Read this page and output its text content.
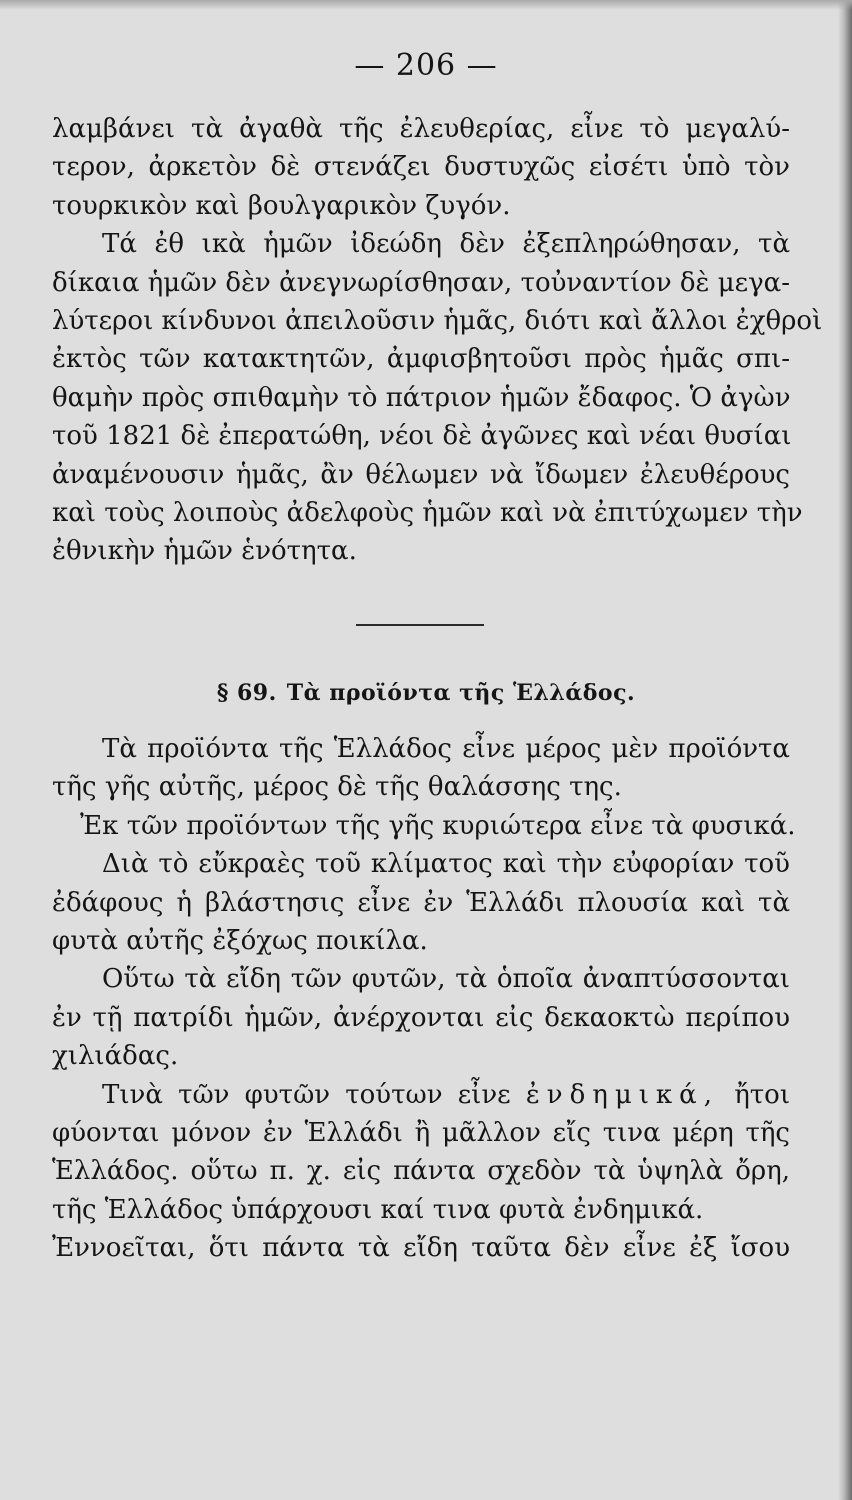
— 206 —
λαμβάνει τὰ ἀγαθὰ τῆς ἐλευθερίας, εἶνε τὸ μεγαλύ-
τερον, ἀρκετὸν δὲ στενάζει δυστυχῶς εἰσέτι ὑπὸ τὸν
τουρκικὸν καὶ βουλγαρικὸν ζυγόν.
Τά ἐθ ικὰ ἡμῶν ἰδεώδη δὲν ἐξεπληρώθησαν, τὰ
δίκαια ἡμῶν δὲν ἀνεγνωρίσθησαν, τοὐναντίον δὲ μεγα-
λύτεροι κίνδυνοι ἀπειλοῦσιν ἡμᾶς, διότι καὶ ἄλλοι ἐχθροὶ
ἐκτὸς τῶν κατακτητῶν, ἀμφισβητοῦσι πρὸς ἡμᾶς σπι-
θαμὴν πρὸς σπιθαμὴν τὸ πάτριον ἡμῶν ἔδαφος. Ὁ ἀγὼν
τοῦ 1821 δὲ ἐπερατώθη, νέοι δὲ ἀγῶνες καὶ νέαι θυσίαι
ἀναμένουσιν ἡμᾶς, ἂν θέλωμεν νὰ ἴδωμεν ἐλευθέρους
καὶ τοὺς λοιποὺς ἀδελφοὺς ἡμῶν καὶ νὰ ἐπιτύχωμεν τὴν
ἐθνικὴν ἡμῶν ἑνότητα.
§ 69. Τὰ προϊόντα τῆς Ἑλλάδος.
Τὰ προϊόντα τῆς Ἑλλάδος εἶνε μέρος μὲν προϊόντα
τῆς γῆς αὐτῆς, μέρος δὲ τῆς θαλάσσης της.
Ἐκ τῶν προϊόντων τῆς γῆς κυριώτερα εἶνε τὰ φυσικά.
Διὰ τὸ εὔκραὲς τοῦ κλίματος καὶ τὴν εὐφορίαν τοῦ
ἐδάφους ἡ βλάστησις εἶνε ἐν Ἑλλάδι πλουσία καὶ τὰ
φυτὰ αὐτῆς ἐξόχως ποικίλα.
Οὕτω τὰ εἴδη τῶν φυτῶν, τὰ ὁποῖα ἀναπτύσσονται
ἐν τῇ πατρίδι ἡμῶν, ἀνέρχονται εἰς δεκαοκτὼ περίπου
χιλιάδας.
Τινὰ τῶν φυτῶν τούτων εἶνε ἐνδημικά, ἤτοι
φύονται μόνον ἐν Ἑλλάδι ἢ μᾶλλον εἴς τινα μέρη τῆς
Ἑλλάδος. οὕτω π. χ. εἰς πάντα σχεδὸν τὰ ὑψηλὰ ὄρη,
τῆς Ἑλλάδος ὑπάρχουσι καί τινα φυτὰ ἐνδημικά.
Ἐννοεῖται, ὅτι πάντα τὰ εἴδη ταῦτα δὲν εἶνε ἐξ ἴσου
